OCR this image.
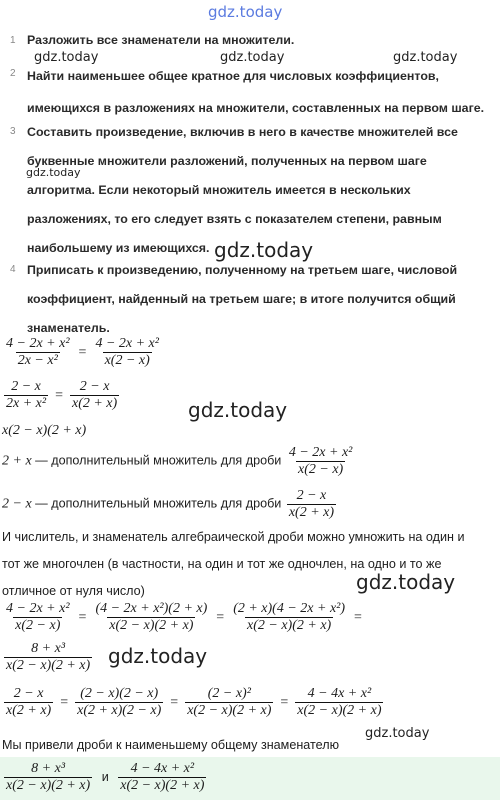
gdz.today
gdz.today	gdz.today	gdz.today
gdz.today
gdz.today
gdz.today
gdz.today
gdz.today
gdz.today
1 Разложить все знаменатели на множители.
2 Найти наименьшее общее кратное для числовых коэффициентов, имеющихся в разложениях на множители, составленных на первом шаге.
3 Составить произведение, включив в него в качестве множителей все буквенные множители разложений, полученных на первом шаге алгоритма. Если некоторый множитель имеется в нескольких разложениях, то его следует взять с показателем степени, равным наибольшему из имеющихся.
4 Приписать к произведению, полученному на третьем шаге, числовой коэффициент, найденный на третьем шаге; в итоге получится общий знаменатель.
$\frac{\text{4 − 2x + x²}}{\text{2x − x²}} = \frac{\text{4 − 2x + x²}}{x(2 - x)}$
$\frac{2 - x}{\text{2x + x²}} = \frac{2 - x}{x(2 + x)}$
x(2 − x)(2 + x)
2 + x — дополнительный множитель для дроби $\frac{\text{4 − 2x + x²}}{x(2 - x)}$
2 − x — дополнительный множитель для дроби $\frac{2 - x}{x(2 + x)}$
И числитель, и знаменатель алгебраической дроби можно умножить на один и
тот же многочлен (в частности, на один и тот же одночлен, на одно и то же
отличное от нуля число)
$\frac{\text{4 − 2x + x²}}{x(2 - x)} = \frac{\text{(4 − 2x + x²)(2 + x)}}{x(2 - x)(2 + x)} = \frac{\text{(2 + x)(4 − 2x + x²)}}{x(2 - x)(2 + x)}$ =
$\frac{\text{8 + x³}}{x(2 - x)(2 + x)}$
$\frac{2 - x}{x(2 + x)} = \frac{(2 - x)(2 - x)}{x(2 + x)(2 - x)} = \frac{\text{(2 − x)²}}{x(2 - x)(2 + x)} = \frac{\text{4 − 4x + x²}}{x(2 - x)(2 + x)}$
Мы привели дроби к наименьшему общему знаменателю
$\frac{\text{8 + x³}}{x(2 - x)(2 + x)}$ и $\frac{\text{4 − 4x + x²}}{x(2 - x)(2 + x)}$
